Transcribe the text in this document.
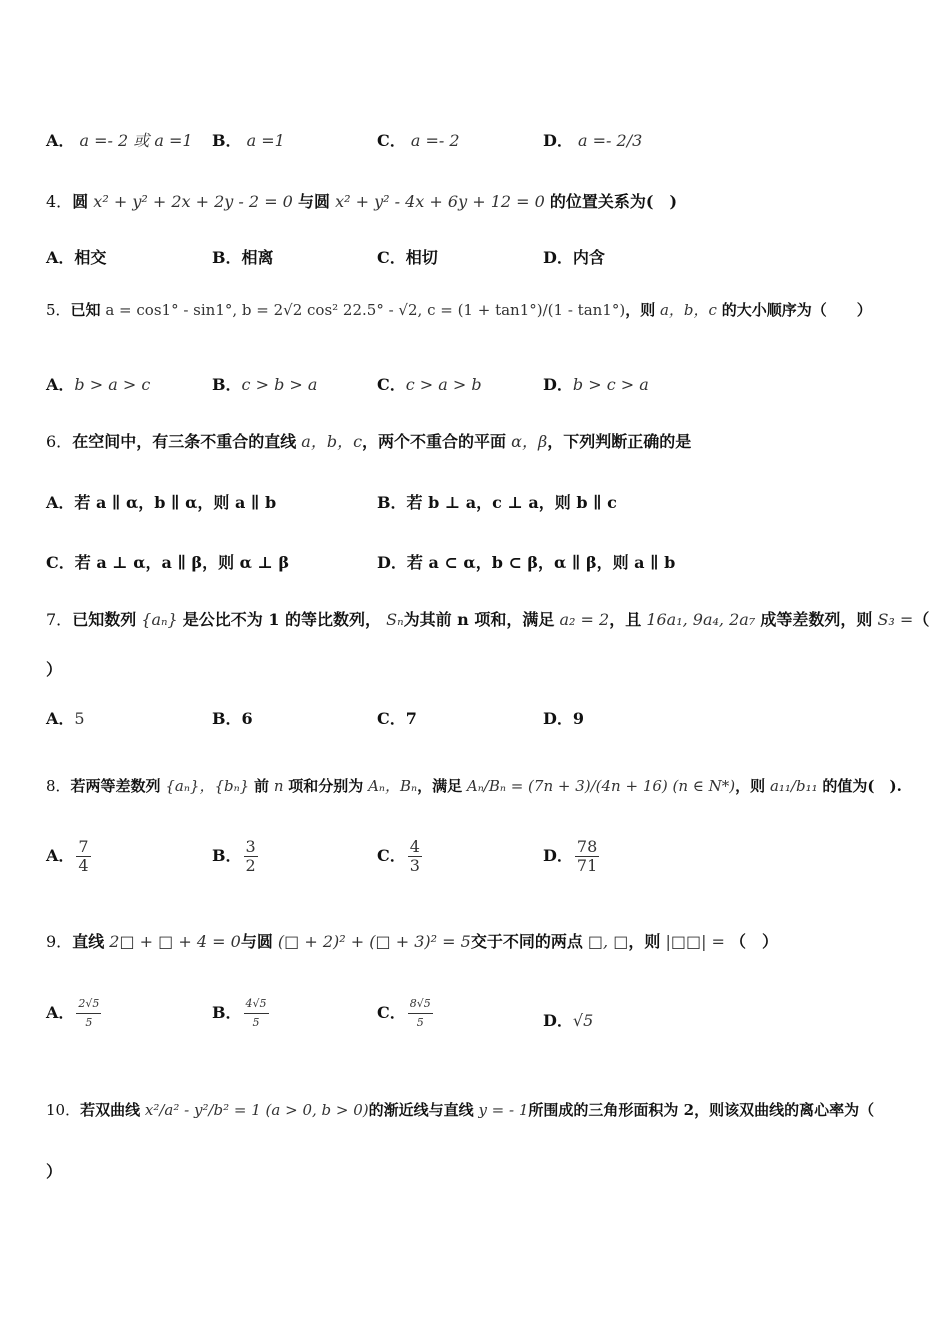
A． a =- 2 或 a =1 B． a =1	C． a =- 2	D． a =- 2/3
4．圆 x² + y² + 2x + 2y - 2 = 0 与圆 x² + y² - 4x + 6y + 12 = 0 的位置关系为(　)
A．相交	B．相离	C．相切	D．内含
5．已知 a = cos1° - sin1°, b = 2√2 cos² 22.5° - √2, c = (1 + tan1°)/(1 - tan1°)，则 a，b，c 的大小顺序为（　　）
A．b > a > c	B．c > b > a	C．c > a > b	D．b > c > a
6．在空间中，有三条不重合的直线 a，b，c，两个不重合的平面 α，β，下列判断正确的是
A．若 a ∥ α，b ∥ α，则 a ∥ b	B．若 b ⊥ a，c ⊥ a，则 b ∥ c
C．若 a ⊥ α，a ∥ β，则 α ⊥ β	D．若 a ⊂ α，b ⊂ β，α ∥ β，则 a ∥ b
7．已知数列 {aₙ} 是公比不为 1 的等比数列， Sₙ为其前 n 项和，满足 a₂ = 2，且 16a₁, 9a₄, 2a₇ 成等差数列，则 S₃ =（
）
A．5	B．6	C．7	D．9
8．若两等差数列 {aₙ}，{bₙ} 前 n 项和分别为 Aₙ，Bₙ，满足 Aₙ/Bₙ = (7n + 3)/(4n + 16) (n ∈ N*)，则 a₁₁/b₁₁ 的值为(　).
A． $\frac{7}{4}$	B． $\frac{3}{2}$	C． $\frac{4}{3}$	D． $\frac{78}{71}$
9．直线 2□ + □ + 4 = 0与圆 (□ + 2)² + (□ + 3)² = 5交于不同的两点 □, □，则 |□□| = （　）
A． $\frac{2√5}{5}$	B． $\frac{4√5}{5}$	C． $\frac{8√5}{5}$	D．√5
10．若双曲线 x²/a² - y²/b² = 1 (a > 0, b > 0)的渐近线与直线 y = - 1所围成的三角形面积为 2，则该双曲线的离心率为（
）
